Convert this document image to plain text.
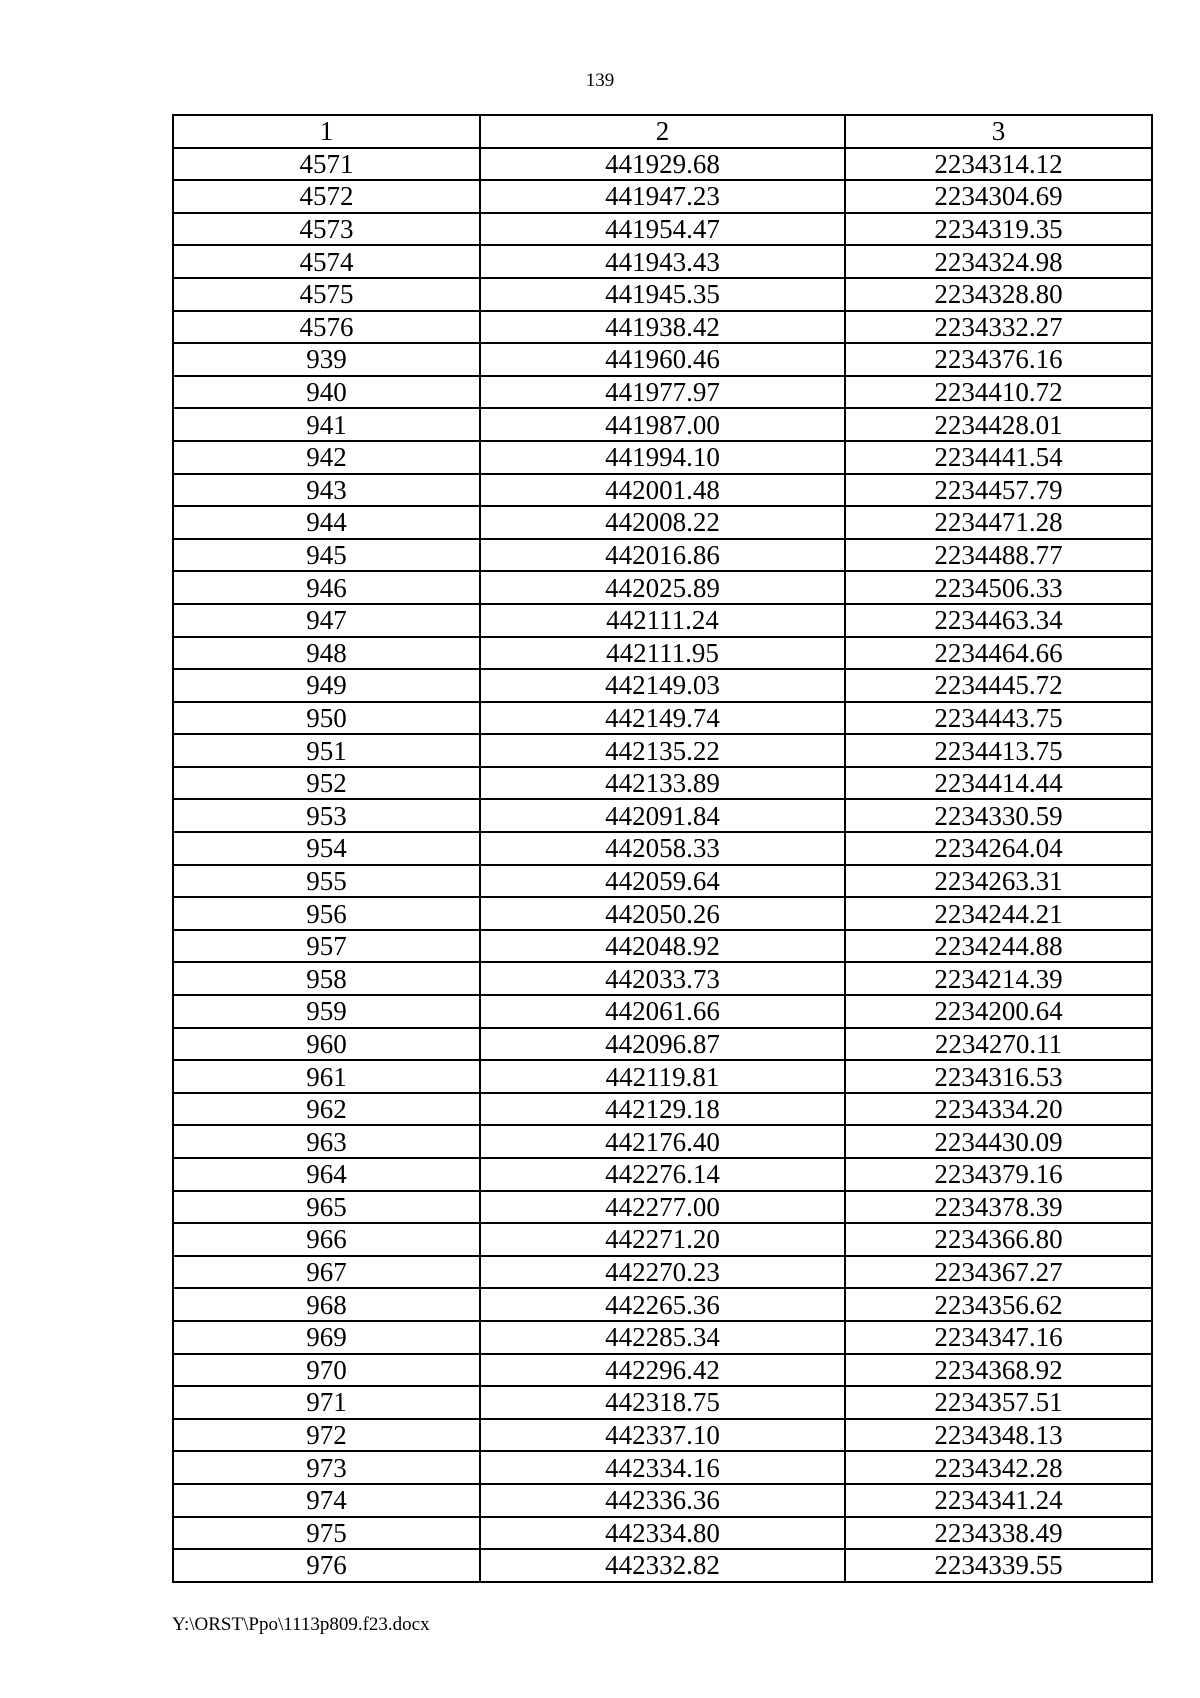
139
1	2	3
4571	441929.68	2234314.12
4572	441947.23	2234304.69
4573	441954.47	2234319.35
4574	441943.43	2234324.98
4575	441945.35	2234328.80
4576	441938.42	2234332.27
939	441960.46	2234376.16
940	441977.97	2234410.72
941	441987.00	2234428.01
942	441994.10	2234441.54
943	442001.48	2234457.79
944	442008.22	2234471.28
945	442016.86	2234488.77
946	442025.89	2234506.33
947	442111.24	2234463.34
948	442111.95	2234464.66
949	442149.03	2234445.72
950	442149.74	2234443.75
951	442135.22	2234413.75
952	442133.89	2234414.44
953	442091.84	2234330.59
954	442058.33	2234264.04
955	442059.64	2234263.31
956	442050.26	2234244.21
957	442048.92	2234244.88
958	442033.73	2234214.39
959	442061.66	2234200.64
960	442096.87	2234270.11
961	442119.81	2234316.53
962	442129.18	2234334.20
963	442176.40	2234430.09
964	442276.14	2234379.16
965	442277.00	2234378.39
966	442271.20	2234366.80
967	442270.23	2234367.27
968	442265.36	2234356.62
969	442285.34	2234347.16
970	442296.42	2234368.92
971	442318.75	2234357.51
972	442337.10	2234348.13
973	442334.16	2234342.28
974	442336.36	2234341.24
975	442334.80	2234338.49
976	442332.82	2234339.55
Y:\ORST\Ppo\1113p809.f23.docx
